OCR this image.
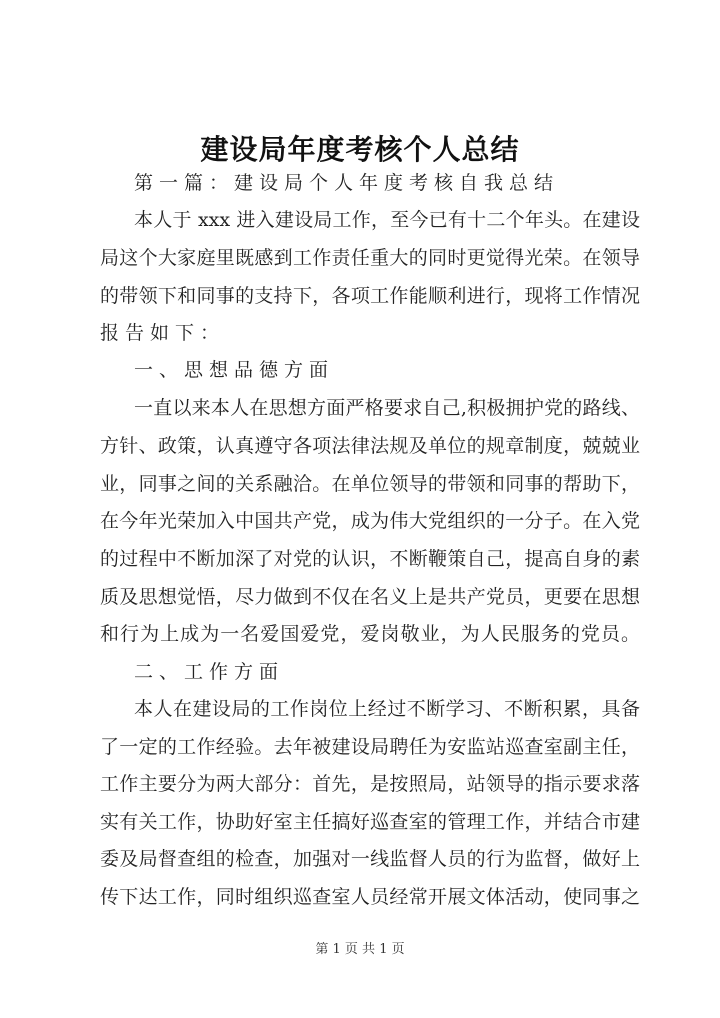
建设局年度考核个人总结
第一篇：建设局个人年度考核自我总结
本人于 xxx 进入建设局工作，至今已有十二个年头。在建设
局这个大家庭里既感到工作责任重大的同时更觉得光荣。在领导
的带领下和同事的支持下，各项工作能顺利进行，现将工作情况
报告如下：
一、思想品德方面
一直以来本人在思想方面严格要求自己,积极拥护党的路线、
方针、政策，认真遵守各项法律法规及单位的规章制度，兢兢业
业，同事之间的关系融洽。在单位领导的带领和同事的帮助下，
在今年光荣加入中国共产党，成为伟大党组织的一分子。在入党
的过程中不断加深了对党的认识，不断鞭策自己，提高自身的素
质及思想觉悟，尽力做到不仅在名义上是共产党员，更要在思想
和行为上成为一名爱国爱党，爱岗敬业，为人民服务的党员。
二、工作方面
本人在建设局的工作岗位上经过不断学习、不断积累，具备
了一定的工作经验。去年被建设局聘任为安监站巡查室副主任，
工作主要分为两大部分：首先，是按照局，站领导的指示要求落
实有关工作，协助好室主任搞好巡查室的管理工作，并结合市建
委及局督查组的检查，加强对一线监督人员的行为监督，做好上
传下达工作，同时组织巡查室人员经常开展文体活动，使同事之
第 1 页 共 1 页
